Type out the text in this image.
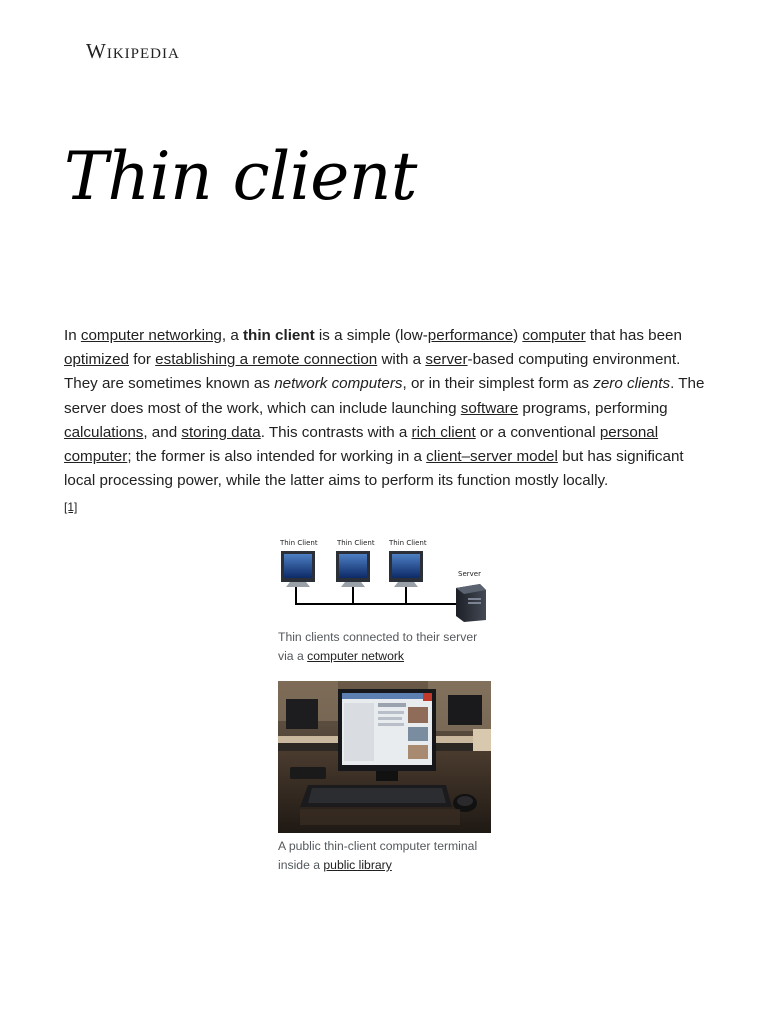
Wikipedia
Thin client

In computer networking, a thin client is a simple (low-performance) computer that has been optimized for establishing a remote connection with a server-based computing environment. They are sometimes known as network computers, or in their simplest form as zero clients. The server does most of the work, which can include launching software programs, performing calculations, and storing data. This contrasts with a rich client or a conventional personal computer; the former is also intended for working in a client–server model but has significant local processing power, while the latter aims to perform its function mostly locally.
[1]

Thin Client	Thin Client Thin Client
Server
Thin clients connected to their server via a computer network
A public thin-client computer terminal inside a public library
